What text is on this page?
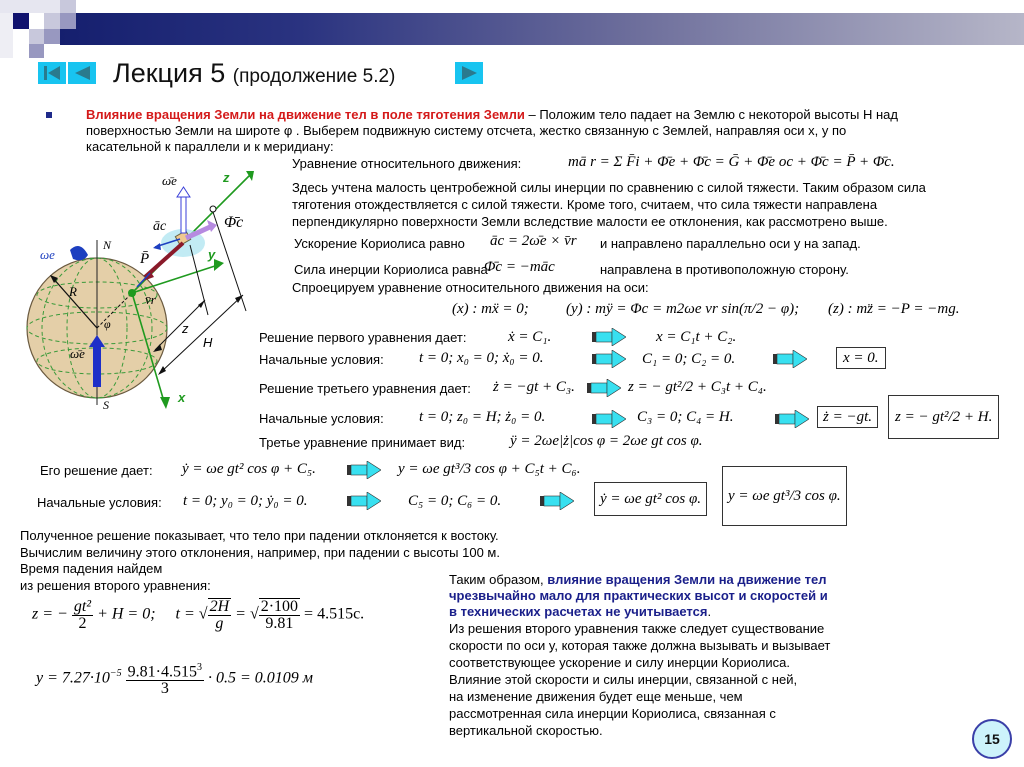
Лекция 5 (продолжение 5.2)
Влияние вращения Земли на движение тел в поле тяготения Земли – Положим тело падает на Землю с некоторой высоты H над
поверхностью Земли на широте φ . Выберем подвижную систему отсчета, жестко связанную с Землей, направляя оси x, y по
касательной к параллели и к меридиану:
ω̄e	z
āc	Φ̄c
N
ωe	P̄	y
R
v̄r
φ	z
H
ω̄e
S	x
Уравнение относительного движения:	mā r = Σ F̄i + Φ̄e + Φ̄c = Ḡ + Φ̄e oc + Φ̄c = P̄ + Φ̄c.
Здесь учтена малость центробежной силы инерции по сравнению с силой тяжести. Таким образом сила
тяготения отождествляется с силой тяжести. Кроме того, считаем, что сила тяжести направлена
перпендикулярно поверхности Земли вследствие малости ее отклонения, как рассмотрено выше.
Ускорение Кориолиса равно āc = 2ω̄e × v̄r и направлено параллельно оси y на запад.
Сила инерции Кориолиса равна
Φ̄c = −māc	направлена в противоположную сторону.
Спроецируем уравнение относительного движения на оси:
(x) : mẍ = 0; (y) : mÿ = Φc = m2ωe vr sin(π/2 − φ); (z) : mz̈ = −P = −mg.
Решение первого уравнения дает:	ẋ = C₁.	x = C₁t + C₂.
Начальные условия: t = 0; x₀ = 0; ẋ₀ = 0.	C₁ = 0; C₂ = 0.	x = 0.
Решение третьего уравнения дает: ż = −gt + C₃.	z = − gt²/2 + C₃t + C₄.
Начальные условия: t = 0; z₀ = H; ż₀ = 0.	C₃ = 0; C₄ = H.	ż = −gt.	z = − gt²/2 + H.
Третье уравнение принимает вид:	ÿ = 2ωe|ż|cos φ = 2ωe gt cos φ.
Его решение дает: ẏ = ωe gt² cos φ + C₅.	y = ωe gt³/3 cos φ + C₅t + C₆.
Начальные условия: t = 0; y₀ = 0; ẏ₀ = 0.	C₅ = 0; C₆ = 0.	ẏ = ωe gt² cos φ.	y = ωe gt³/3 cos φ.
Полученное решение показывает, что тело при падении отклоняется к востоку.
Вычислим величину этого отклонения, например, при падении с высоты 100 м.
Время падения найдем
из решения второго уравнения:
z = − $\frac{\text{gt²}}{2} + H = 0$;     t = √ $\frac{2H}{g}$ = √ $\frac{2\cdot 100}{9.81} = 4.515c$.
$y = 7.27\cdot 10^{-5} \frac{9.81\cdot 4.515^3}{3} \cdot 0.5 = 0.0109$ м
Таким образом, влияние вращения Земли на движение тел
чрезвычайно мало для практических высот и скоростей и
в технических расчетах не учитывается.
Из решения второго уравнения также следует существование
скорости по оси y, которая также должна вызывать и вызывает
соответствующее ускорение и силу инерции Кориолиса.
Влияние этой скорости и силы инерции, связанной с ней,
на изменение движения будет еще меньше, чем
рассмотренная сила инерции Кориолиса, связанная с
вертикальной скоростью.
15
